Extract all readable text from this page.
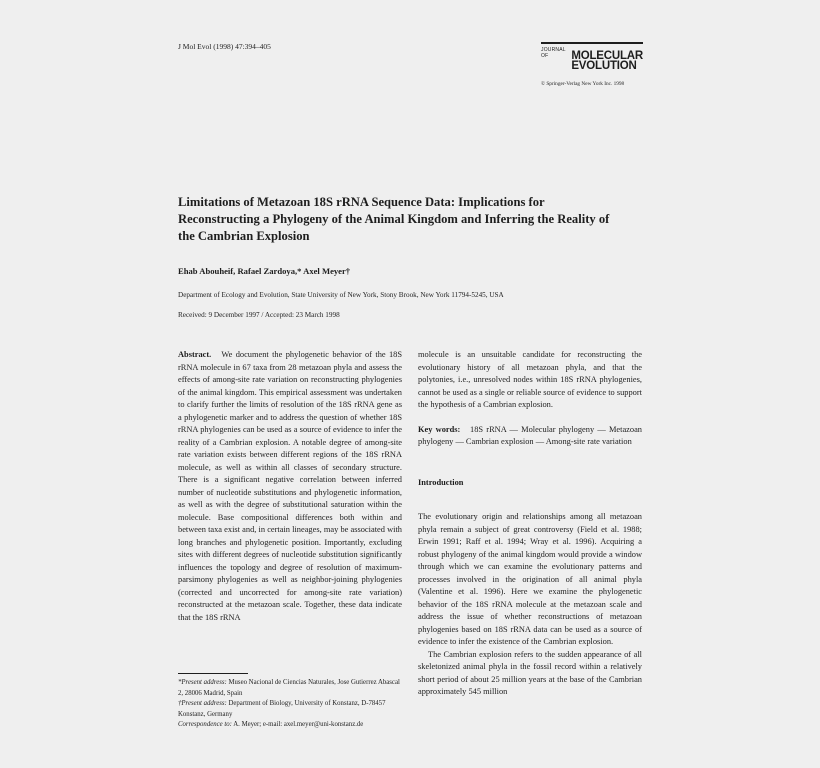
J Mol Evol (1998) 47:394–405	JOURNAL OF	MOLECULAR
EVOLUTION
© Springer-Verlag New York Inc. 1998
Limitations of Metazoan 18S rRNA Sequence Data: Implications for Reconstructing a Phylogeny of the Animal Kingdom and Inferring the Reality of the Cambrian Explosion
Ehab Abouheif, Rafael Zardoya,* Axel Meyer†
Department of Ecology and Evolution, State University of New York, Stony Brook, New York 11794-5245, USA
Received: 9 December 1997 / Accepted: 23 March 1998

Abstract. We document the phylogenetic behavior of the 18S rRNA molecule in 67 taxa from 28 metazoan phyla and assess the effects of among-site rate variation on reconstructing phylogenies of the animal kingdom. This empirical assessment was undertaken to clarify further the limits of resolution of the 18S rRNA gene as a phylogenetic marker and to address the question of whether 18S rRNA phylogenies can be used as a source of evidence to infer the reality of a Cambrian explosion. A notable degree of among-site rate variation exists between different regions of the 18S rRNA molecule, as well as within all classes of secondary structure. There is a significant negative correlation between inferred number of nucleotide substitutions and phylogenetic information, as well as with the degree of substitutional saturation within the molecule. Base compositional differences both within and between taxa exist and, in certain lineages, may be associated with long branches and phylogenetic position. Importantly, excluding sites with different degrees of nucleotide substitution significantly influences the topology and degree of resolution of maximum-parsimony phylogenies as well as neighbor-joining phylogenies (corrected and uncorrected for among-site rate variation) reconstructed at the metazoan scale. Together, these data indicate that the 18S rRNA

molecule is an unsuitable candidate for reconstructing the evolutionary history of all metazoan phyla, and that the polytonies, i.e., unresolved nodes within 18S rRNA phylogenies, cannot be used as a single or reliable source of evidence to support the hypothesis of a Cambrian explosion.

Key words: 18S rRNA — Molecular phylogeny — Metazoan phylogeny — Cambrian explosion — Among-site rate variation

Introduction

The evolutionary origin and relationships among all metazoan phyla remain a subject of great controversy (Field et al. 1988; Erwin 1991; Raff et al. 1994; Wray et al. 1996). Acquiring a robust phylogeny of the animal kingdom would provide a window through which we can examine the evolutionary patterns and processes involved in the origination of all animal phyla (Valentine et al. 1996). Here we examine the phylogenetic behavior of the 18S rRNA molecule at the metazoan scale and address the issue of whether reconstructions of metazoan phylogenies based on 18S rRNA data can be used as a source of evidence to infer the existence of the Cambrian explosion.

The Cambrian explosion refers to the sudden appearance of all skeletonized animal phyla in the fossil record within a relatively short period of about 25 million years at the base of the Cambrian approximately 545 million

*Present address: Museo Nacional de Ciencias Naturales, Jose Gutierrez Abascal 2, 28006 Madrid, Spain

†Present address: Department of Biology, University of Konstanz, D-78457 Konstanz, Germany

Correspondence to: A. Meyer; e-mail: axel.meyer@uni-konstanz.de
